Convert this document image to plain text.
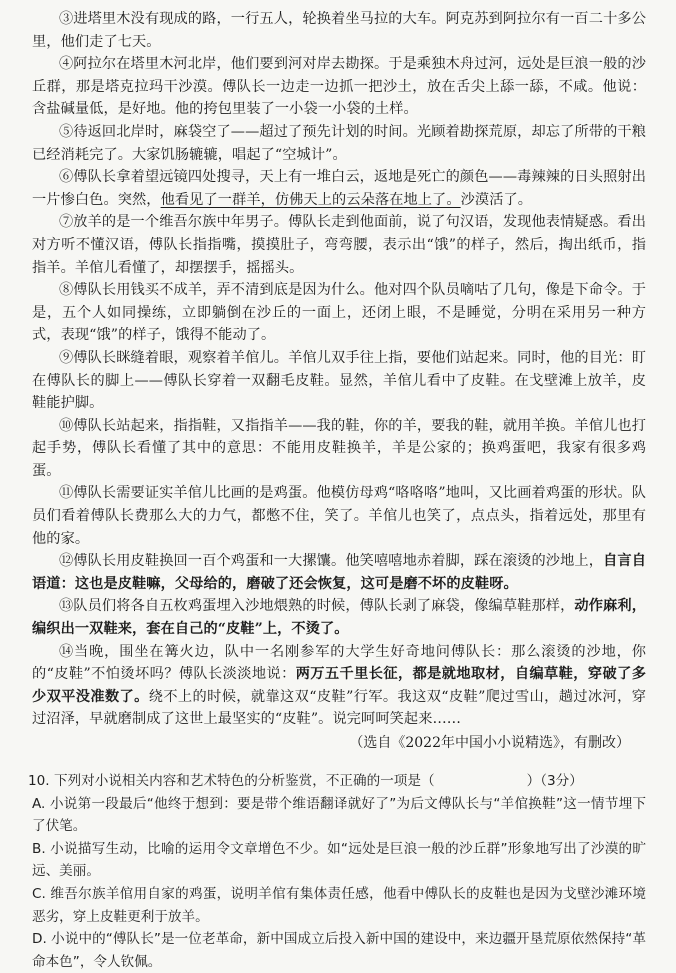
③进塔里木没有现成的路，一行五人，轮换着坐马拉的大车。阿克苏到阿拉尔有一百二十多公里，他们走了七天。

④阿拉尔在塔里木河北岸，他们要到河对岸去勘探。于是乘独木舟过河，远处是巨浪一般的沙丘群，那是塔克拉玛干沙漠。傅队长一边走一边抓一把沙土，放在舌尖上舔一舔，不咸。他说：含盐碱量低，是好地。他的挎包里装了一小袋一小袋的土样。

⑤待返回北岸时，麻袋空了——超过了预先计划的时间。光顾着勘探荒原，却忘了所带的干粮已经消耗完了。大家饥肠辘辘，唱起了“空城计”。

⑥傅队长拿着望远镜四处搜寻，天上有一堆白云，返地是死亡的颜色——毒辣辣的日头照射出一片惨白色。突然，他看见了一群羊，仿佛天上的云朵落在地上了。沙漠活了。

⑦放羊的是一个维吾尔族中年男子。傅队长走到他面前，说了句汉语，发现他表情疑惑。看出对方听不懂汉语，傅队长指指嘴，摸摸肚子，弯弯腰，表示出“饿”的样子，然后，掏出纸币，指指羊。羊倌儿看懂了，却摆摆手，摇摇头。

⑧傅队长用钱买不成羊，弄不清到底是因为什么。他对四个队员嘀咕了几句，像是下命令。于是，五个人如同操练，立即躺倒在沙丘的一面上，还闭上眼，不是睡觉，分明在采用另一种方式，表现“饿”的样子，饿得不能动了。

⑨傅队长眯缝着眼，观察着羊倌儿。羊倌儿双手往上指，要他们站起来。同时，他的目光：盯在傅队长的脚上——傅队长穿着一双翻毛皮鞋。显然，羊倌儿看中了皮鞋。在戈壁滩上放羊，皮鞋能护脚。

⑩傅队长站起来，指指鞋，又指指羊——我的鞋，你的羊，要我的鞋，就用羊换。羊倌儿也打起手势，傅队长看懂了其中的意思：不能用皮鞋换羊，羊是公家的；换鸡蛋吧，我家有很多鸡蛋。

⑪傅队长需要证实羊倌儿比画的是鸡蛋。他模仿母鸡“咯咯咯”地叫，又比画着鸡蛋的形状。队员们看着傅队长费那么大的力气，都憋不住，笑了。羊倌儿也笑了，点点头，指着远处，那里有他的家。

⑫傅队长用皮鞋换回一百个鸡蛋和一大摞馕。他笑嘻嘻地赤着脚，踩在滚烫的沙地上，自言自语道：这也是皮鞋嘛，父母给的，磨破了还会恢复，这可是磨不坏的皮鞋呀。

⑬队员们将各自五枚鸡蛋埋入沙地煨熟的时候，傅队长剥了麻袋，像编草鞋那样，动作麻利，编织出一双鞋来，套在自己的“皮鞋”上，不烫了。

⑭当晚，围坐在篝火边，队中一名刚参军的大学生好奇地问傅队长：那么滚烫的沙地，你的“皮鞋”不怕烫坏吗？傅队长淡淡地说：两万五千里长征，都是就地取材，自编草鞋，穿破了多少双平没准数了。绕不上的时候，就靠这双“皮鞋”行军。我这双“皮鞋”爬过雪山，趟过冰河，穿过沼泽，早就磨制成了这世上最坚实的“皮鞋”。说完呵呵笑起来……

（选自《2022年中国小小说精选》，有删改）

10. 下列对小说相关内容和艺术特色的分析鉴赏，不正确的一项是（	）（3分）

A. 小说第一段最后“他终于想到：要是带个维语翻译就好了”为后文傅队长与“羊倌换鞋”这一情节埋下了伏笔。

B. 小说描写生动，比喻的运用令文章增色不少。如“远处是巨浪一般的沙丘群”形象地写出了沙漠的旷远、美丽。

C. 维吾尔族羊倌用自家的鸡蛋，说明羊倌有集体责任感，他看中傅队长的皮鞋也是因为戈壁沙滩环境恶劣，穿上皮鞋更利于放羊。

D. 小说中的“傅队长”是一位老革命，新中国成立后投入新中国的建设中，来边疆开垦荒原依然保持“革命本色”，令人钦佩。
